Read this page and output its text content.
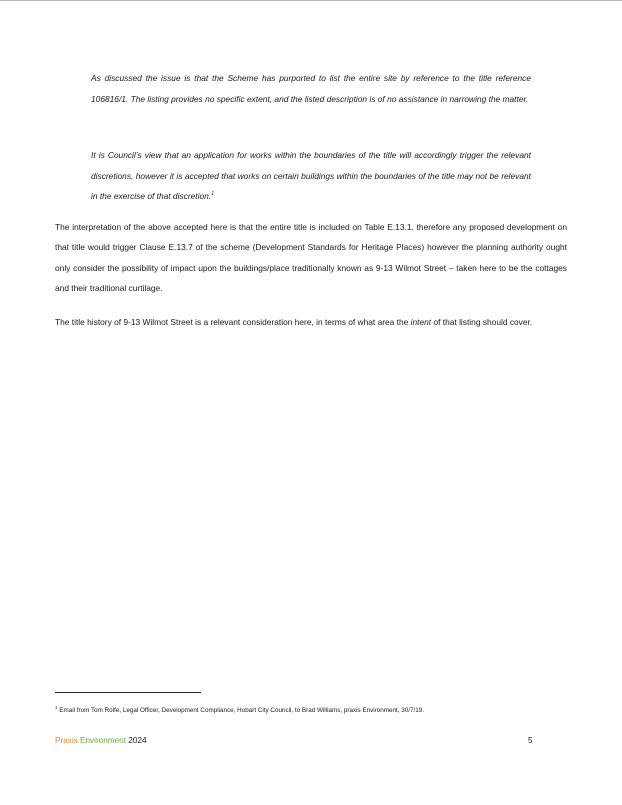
As discussed the issue is that the Scheme has purported to list the entire site by reference to the title reference 106816/1. The listing provides no specific extent, and the listed description is of no assistance in narrowing the matter.

It is Council’s view that an application for works within the boundaries of the title will accordingly trigger the relevant discretions, however it is accepted that works on certain buildings within the boundaries of the title may not be relevant in the exercise of that discretion.$^1$

The interpretation of the above accepted here is that the entire title is included on Table E.13.1, therefore any proposed development on that title would trigger Clause E.13.7 of the scheme (Development Standards for Heritage Places) however the planning authority ought only consider the possibility of impact upon the buildings/place traditionally known as 9-13 Wilmot Street – taken here to be the cottages and their traditional curtilage.

The title history of 9-13 Wilmot Street is a relevant consideration here, in terms of what area the intent of that listing should cover.

$^1$ Email from Tom Rolfe, Legal Officer, Development Compliance, Hobart City Council, to Brad Williams, praxis Environment, 30/7/19.

Praxis Environment 2024	5
